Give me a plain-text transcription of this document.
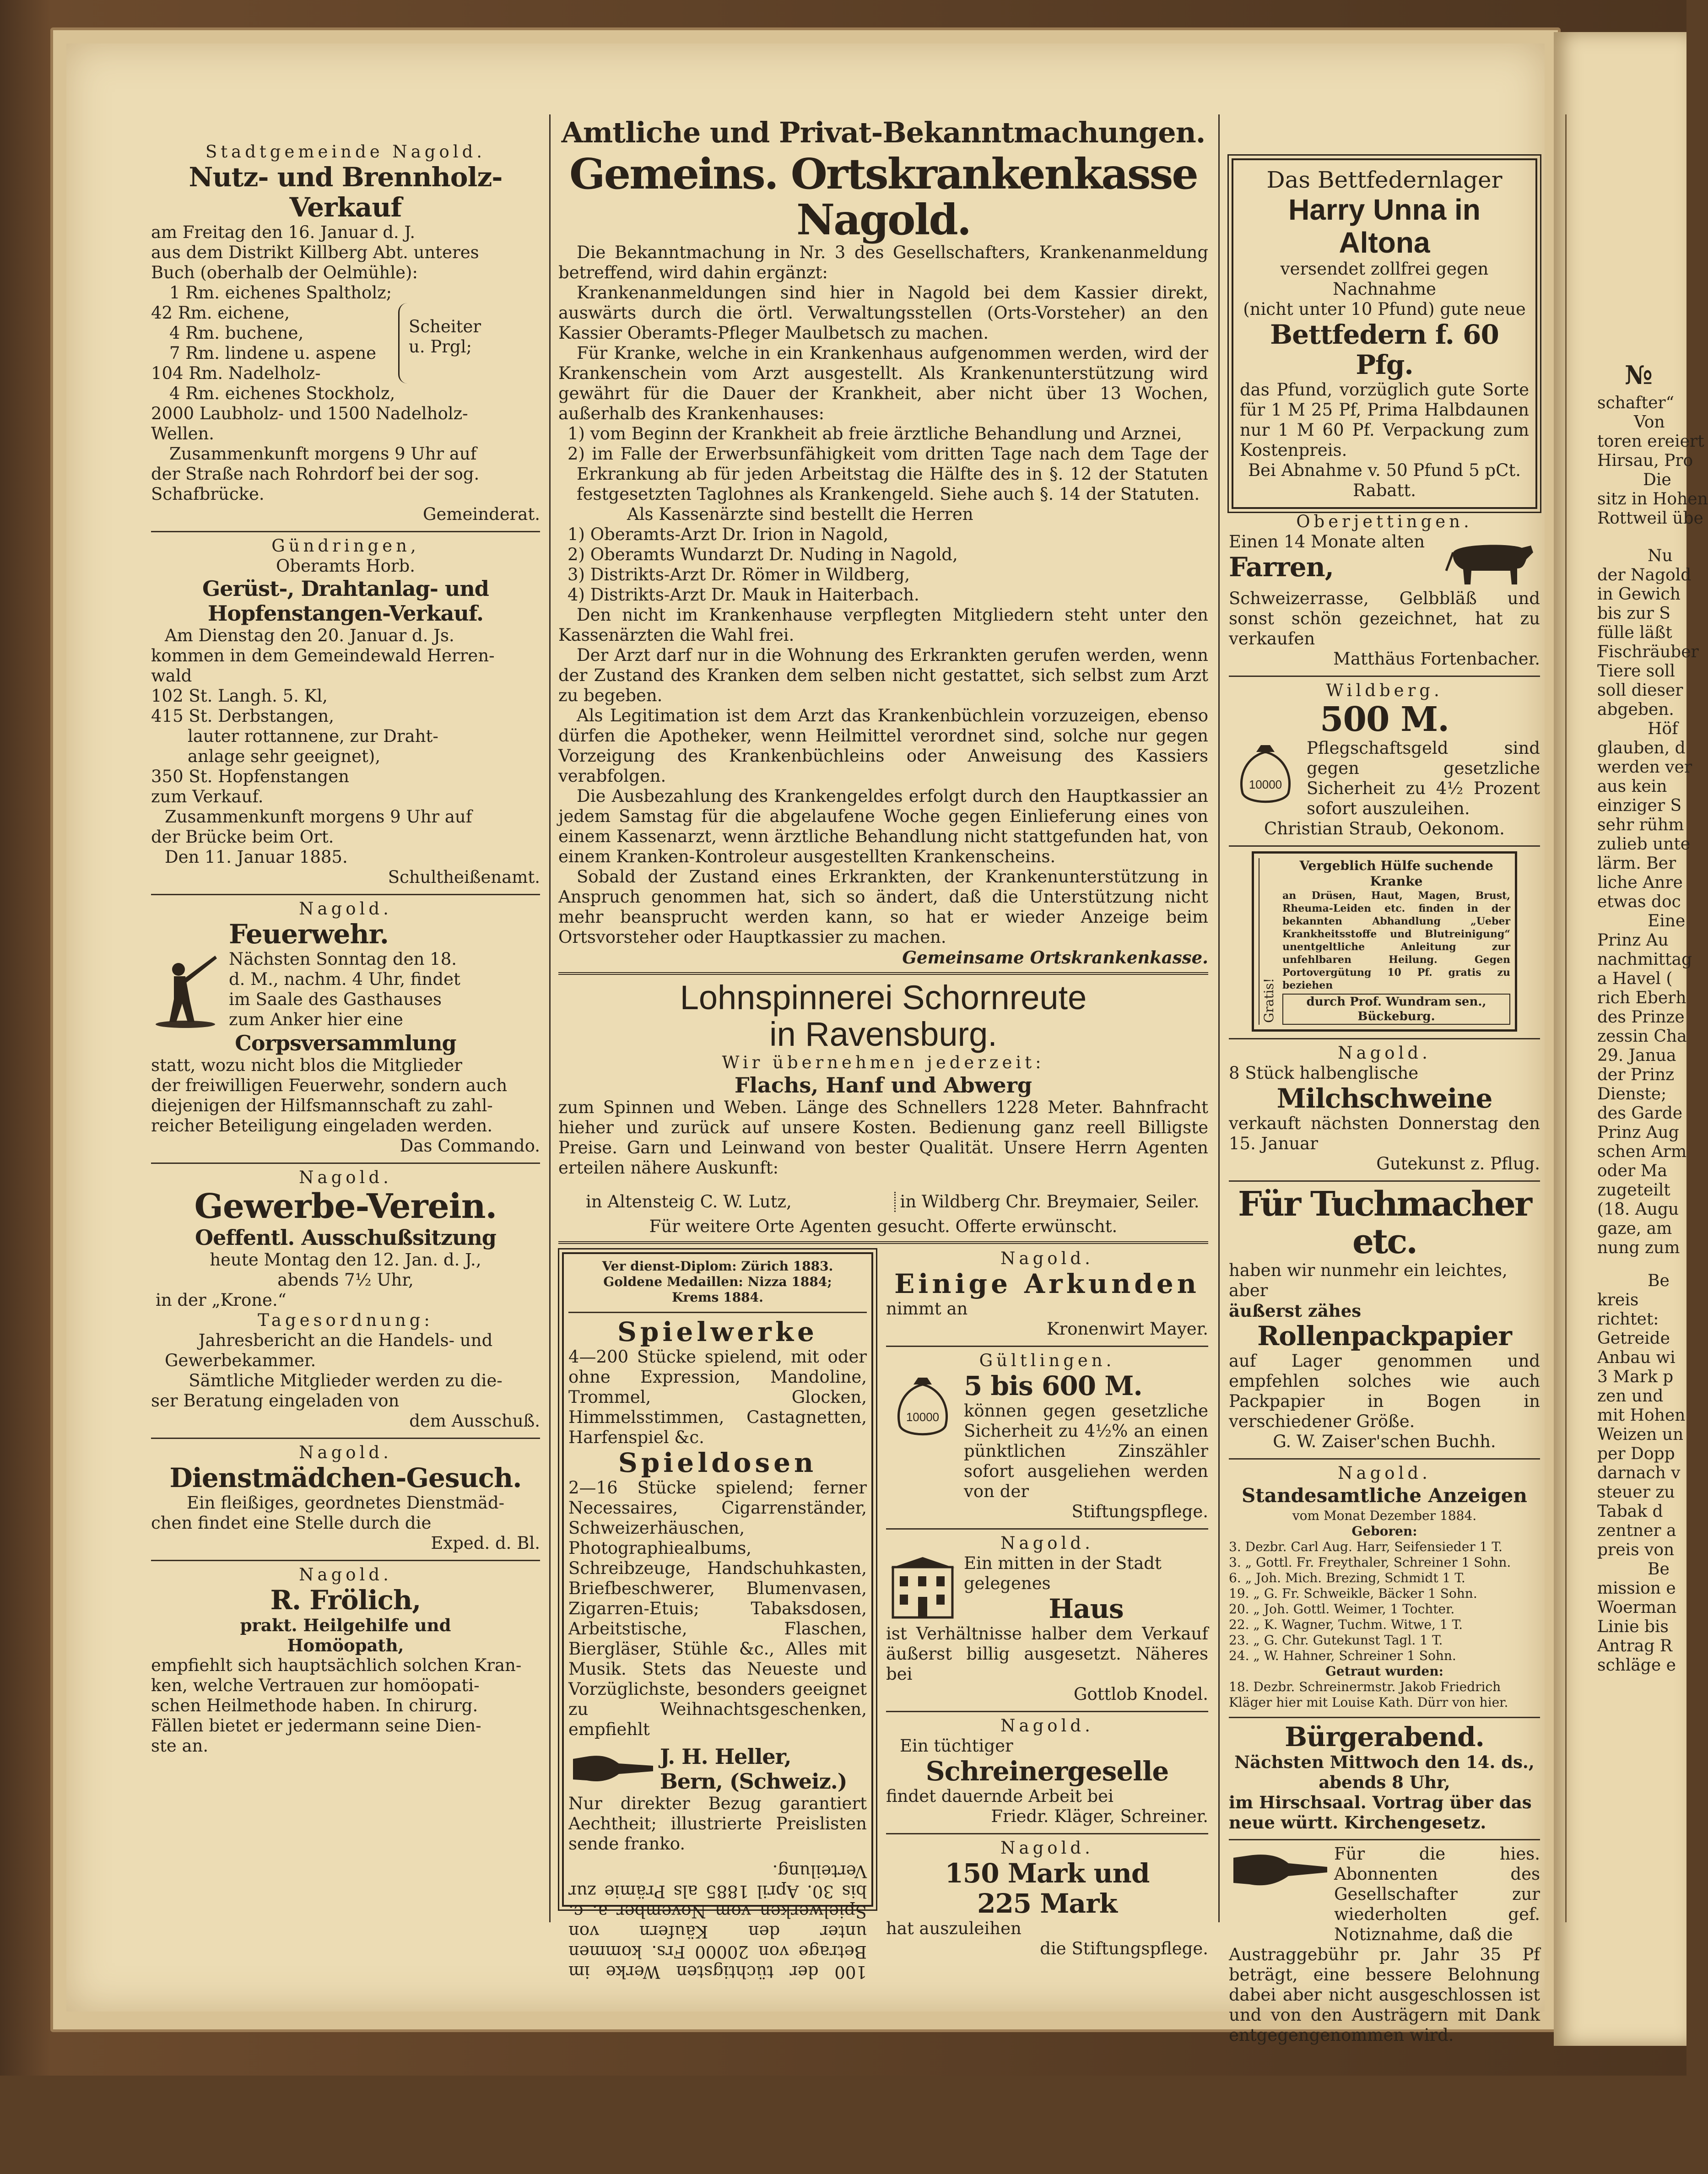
Amtliche und Privat-Bekanntmachungen.
Stadtgemeinde Nagold.
Nutz- und Brennholz-Verkauf
am Freitag den 16. Januar d. J.
aus dem Distrikt Killberg Abt. unteres
Buch (oberhalb der Oelmühle):
1 Rm. eichenes Spaltholz;
42 Rm. eichene,
4 Rm. buchene,
7 Rm. lindene u. aspene
104 Rm. Nadelholz-
Scheiter u. Prgl;
4 Rm. eichenes Stockholz,
2000 Laubholz- und 1500 Nadelholz-
Wellen.
Zusammenkunft morgens 9 Uhr auf
der Straße nach Rohrdorf bei der sog.
Schafbrücke.
Gemeinderat.
Gündringen,
Oberamts Horb.
Gerüst-, Drahtanlag- und Hopfenstangen-Verkauf.
Am Dienstag den 20. Januar d. Js.
kommen in dem Gemeindewald Herren-
wald
102 St. Langh. 5. Kl,
415 St. Derbstangen,
lauter rottannene, zur Draht-
anlage sehr geeignet),
350 St. Hopfenstangen
zum Verkauf.
Zusammenkunft morgens 9 Uhr auf
der Brücke beim Ort.
Den 11. Januar 1885.
Schultheißenamt.
Nagold.
Feuerwehr.
Nächsten Sonntag den 18.
d. M., nachm. 4 Uhr, findet
im Saale des Gasthauses
zum Anker hier eine
Corpsversammlung
statt, wozu nicht blos die Mitglieder
der freiwilligen Feuerwehr, sondern auch
diejenigen der Hilfsmannschaft zu zahl-
reicher Beteiligung eingeladen werden.
Das Commando.
Nagold.
Gewerbe-Verein.
Oeffentl. Ausschußsitzung
heute Montag den 12. Jan. d. J.,
abends 7½ Uhr,
in der „Krone.“
Tagesordnung:
Jahresbericht an die Handels- und
Gewerbekammer.
Sämtliche Mitglieder werden zu die-
ser Beratung eingeladen von
dem Ausschuß.
Nagold.
Dienstmädchen-Gesuch.
Ein fleißiges, geordnetes Dienstmäd-
chen findet eine Stelle durch die
Exped. d. Bl.
Nagold.
R. Frölich,
prakt. Heilgehilfe und
Homöopath,
empfiehlt sich hauptsächlich solchen Kran-
ken, welche Vertrauen zur homöopati-
schen Heilmethode haben. In chirurg.
Fällen bietet er jedermann seine Dien-
ste an.
Gemeins. Ortskrankenkasse Nagold.
Die Bekanntmachung in Nr. 3 des Gesellschafters, Krankenanmeldung betreffend, wird dahin ergänzt:
Krankenanmeldungen sind hier in Nagold bei dem Kassier direkt, auswärts durch die örtl. Verwaltungsstellen (Orts-Vorsteher) an den Kassier Oberamts-Pfleger Maulbetsch zu machen.
Für Kranke, welche in ein Krankenhaus aufgenommen werden, wird der Krankenschein vom Arzt ausgestellt. Als Krankenunterstützung wird gewährt für die Dauer der Krankheit, aber nicht über 13 Wochen, außerhalb des Krankenhauses:
1) vom Beginn der Krankheit ab freie ärztliche Behandlung und Arznei,
2) im Falle der Erwerbsunfähigkeit vom dritten Tage nach dem Tage der Erkrankung ab für jeden Arbeitstag die Hälfte des in §. 12 der Statuten festgesetzten Taglohnes als Krankengeld. Siehe auch §. 14 der Statuten.
Als Kassenärzte sind bestellt die Herren
1) Oberamts-Arzt Dr. Irion in Nagold,
2) Oberamts Wundarzt Dr. Nuding in Nagold,
3) Distrikts-Arzt Dr. Römer in Wildberg,
4) Distrikts-Arzt Dr. Mauk in Haiterbach.
Den nicht im Krankenhause verpflegten Mitgliedern steht unter den Kassenärzten die Wahl frei.
Der Arzt darf nur in die Wohnung des Erkrankten gerufen werden, wenn der Zustand des Kranken dem selben nicht gestattet, sich selbst zum Arzt zu begeben.
Als Legitimation ist dem Arzt das Krankenbüchlein vorzuzeigen, ebenso dürfen die Apotheker, wenn Heilmittel verordnet sind, solche nur gegen Vorzeigung des Krankenbüchleins oder Anweisung des Kassiers verabfolgen.
Die Ausbezahlung des Krankengeldes erfolgt durch den Hauptkassier an jedem Samstag für die abgelaufene Woche gegen Einlieferung eines von einem Kassenarzt, wenn ärztliche Behandlung nicht stattgefunden hat, von einem Kranken-Kontroleur ausgestellten Krankenscheins.
Sobald der Zustand eines Erkrankten, der Krankenunterstützung in Anspruch genommen hat, sich so ändert, daß die Unterstützung nicht mehr beansprucht werden kann, so hat er wieder Anzeige beim Ortsvorsteher oder Hauptkassier zu machen.
Gemeinsame Ortskrankenkasse.
Lohnspinnerei Schornreute
in Ravensburg.
Wir übernehmen jederzeit:
Flachs, Hanf und Abwerg
zum Spinnen und Weben. Länge des Schnellers 1228 Meter. Bahnfracht hieher und zurück auf unsere Kosten. Bedienung ganz reell Billigste Preise. Garn und Leinwand von bester Qualität. Unsere Herrn Agenten erteilen nähere Auskunft:
in Altensteig C. W. Lutz,	in Wildberg Chr. Breymaier, Seiler.
Für weitere Orte Agenten gesucht. Offerte erwünscht.
Ver dienst-Diplom: Zürich 1883.
Goldene Medaillen: Nizza 1884;
Krems 1884.
Spielwerke
4—200 Stücke spielend, mit oder ohne Expression, Mandoline, Trommel, Glocken, Himmelsstimmen, Castagnetten, Harfenspiel &c.
Spieldosen
2—16 Stücke spielend; ferner Necessaires, Cigarrenständer, Schweizerhäuschen, Photographiealbums, Schreibzeuge, Handschuhkasten, Briefbeschwerer, Blumenvasen, Zigarren-Etuis; Tabaksdosen, Arbeitstische, Flaschen, Biergläser, Stühle &c., Alles mit Musik. Stets das Neueste und Vorzüglichste, besonders geeignet zu Weihnachtsgeschenken, empfiehlt
J. H. Heller,
Bern, (Schweiz.)
Nur direkter Bezug garantiert Aechtheit; illustrierte Preislisten sende franko.
100 der tüchtigsten Werke im Betrage von 20000 Frs. kommen unter den Käufern von Spielwerken vom November a. c. bis 30. April 1885 als Prämie zur Verteilung.
Nagold.
Einige Arkunden
nimmt an
Kronenwirt Mayer.
Gültlingen.
10000
5 bis 600 M.
können gegen gesetzliche Sicherheit zu 4½% an einen pünktlichen Zinszähler sofort ausgeliehen werden von der
Stiftungspflege.
Nagold.
Ein mitten in der Stadt gelegenes
Haus
ist Verhältnisse halber dem Verkauf äußerst billig ausgesetzt. Näheres bei
Gottlob Knodel.
Nagold.
Ein tüchtiger
Schreinergeselle
findet dauernde Arbeit bei
Friedr. Kläger, Schreiner.
Nagold.
150 Mark und
225 Mark
hat auszuleihen
die Stiftungspflege.
Das Bettfedernlager
Harry Unna in Altona
versendet zollfrei gegen Nachnahme
(nicht unter 10 Pfund) gute neue
Bettfedern f. 60 Pfg.
das Pfund, vorzüglich gute Sorte für 1 M 25 Pf, Prima Halbdaunen nur 1 M 60 Pf. Verpackung zum Kostenpreis.
Bei Abnahme v. 50 Pfund 5 pCt.
Rabatt.
Oberjettingen.
Einen 14 Monate alten
Farren,
Schweizerrasse, Gelbbläß und sonst schön gezeichnet, hat zu verkaufen
Matthäus Fortenbacher.
Wildberg.
500 M.
10000
Pflegschaftsgeld sind gegen gesetzliche Sicherheit zu 4½ Prozent sofort auszuleihen.
Christian Straub, Oekonom.
Gratis!
Vergeblich Hülfe suchende Kranke
an Drüsen, Haut, Magen, Brust, Rheuma-Leiden etc. finden in der bekannten Abhandlung „Ueber Krankheitsstoffe und Blutreinigung“ unentgeltliche Anleitung zur unfehlbaren Heilung. Gegen Portovergütung 10 Pf. gratis zu beziehen
durch Prof. Wundram sen., Bückeburg.
Nagold.
8 Stück halbenglische
Milchschweine
verkauft nächsten Donnerstag den 15. Januar
Gutekunst z. Pflug.
Für Tuchmacher etc.
haben wir nunmehr ein leichtes, aber
äußerst zähes
Rollenpackpapier
auf Lager genommen und empfehlen solches wie auch Packpapier in Bogen in verschiedener Größe.
G. W. Zaiser'schen Buchh.
Nagold.
Standesamtliche Anzeigen
vom Monat Dezember 1884.
Geboren:
3. Dezbr. Carl Aug. Harr, Seifensieder 1 T.
3. „ Gottl. Fr. Freythaler, Schreiner 1 Sohn.
6. „ Joh. Mich. Brezing, Schmidt 1 T.
19. „ G. Fr. Schweikle, Bäcker 1 Sohn.
20. „ Joh. Gottl. Weimer, 1 Tochter.
22. „ K. Wagner, Tuchm. Witwe, 1 T.
23. „ G. Chr. Gutekunst Tagl. 1 T.
24. „ W. Hahner, Schreiner 1 Sohn.
Getraut wurden:
18. Dezbr. Schreinermstr. Jakob Friedrich Kläger hier mit Louise Kath. Dürr von hier.
Bürgerabend.
Nächsten Mittwoch den 14. ds.,
abends 8 Uhr,
im Hirschsaal. Vortrag über das neue württ. Kirchengesetz.
Für die hies. Abonnenten des Gesellschafter zur wiederholten gef. Notiznahme, daß die
Austraggebühr pr. Jahr 35 Pf beträgt, eine bessere Belohnung dabei aber nicht ausgeschlossen ist und von den Austrägern mit Dank entgegengenommen wird.
№
schafter“
Von
toren ereiert
Hirsau, Pro
Die
sitz in Hohen
Rottweil übe
Nu
der Nagold
in Gewich
bis zur S
fülle läßt
Fischräuber
Tiere soll
soll dieser
abgeben.
Höf
glauben, d
werden ver
aus kein
einziger S
sehr rühm
zulieb unte
lärm. Ber
liche Anre
etwas doc
Eine
Prinz Au
nachmittag
a Havel (
rich Eberh
des Prinze
zessin Cha
29. Janua
der Prinz
Dienste;
des Garde
Prinz Aug
schen Arm
oder Ma
zugeteilt
(18. Augu
gaze, am
nung zum
Be
kreis
richtet:
Getreide
Anbau wi
3 Mark p
zen und
mit Hohen
Weizen un
per Dopp
darnach v
steuer zu
Tabak d
zentner a
preis von
Be
mission e
Woerman
Linie bis
Antrag R
schläge e
